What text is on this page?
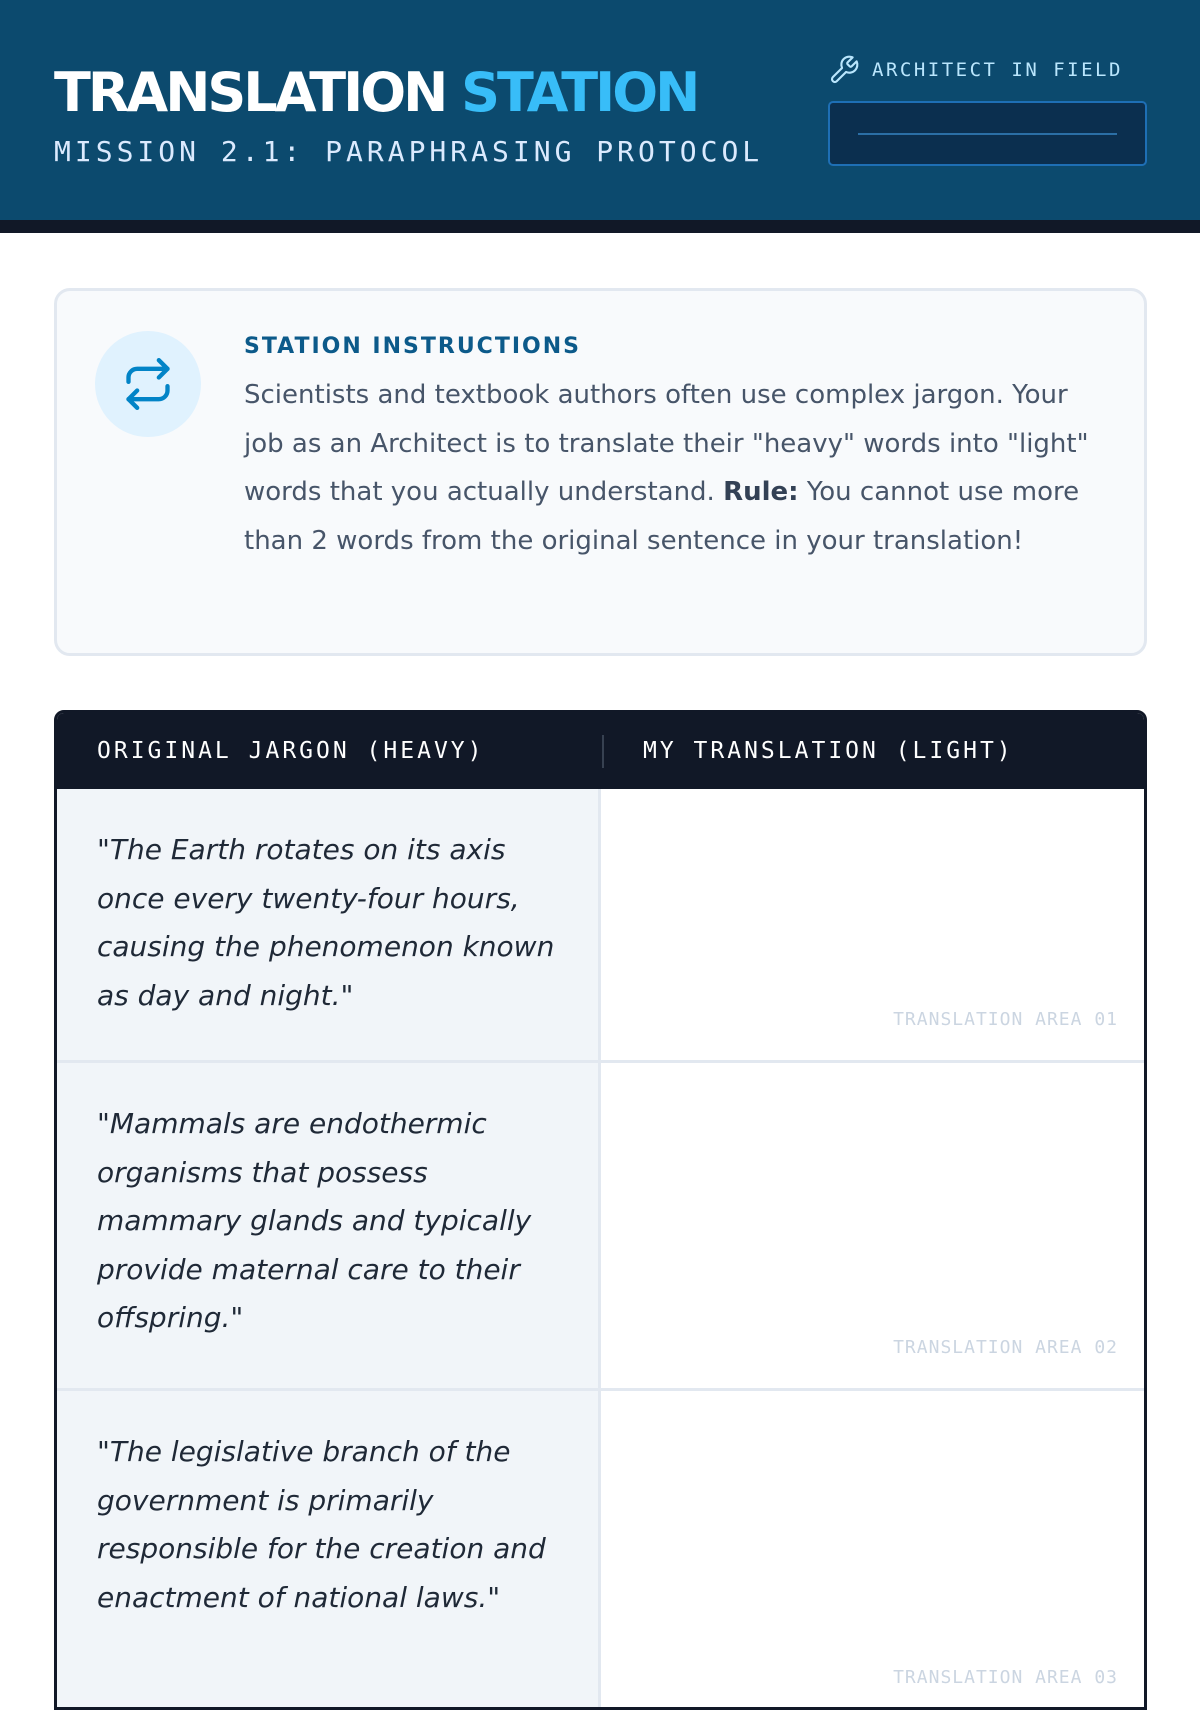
TRANSLATION STATION
MISSION 2.1: PARAPHRASING PROTOCOL
ARCHITECT IN FIELD
STATION INSTRUCTIONS
Scientists and textbook authors often use complex jargon. Your job as an Architect is to translate their "heavy" words into "light" words that you actually understand. Rule: You cannot use more than 2 words from the original sentence in your translation!
ORIGINAL JARGON (HEAVY)	MY TRANSLATION (LIGHT)
"The Earth rotates on its axis once every twenty-four hours, causing the phenomenon known as day and night."
TRANSLATION AREA 01
"Mammals are endothermic organisms that possess mammary glands and typically provide maternal care to their offspring."
TRANSLATION AREA 02
"The legislative branch of the government is primarily responsible for the creation and enactment of national laws."
TRANSLATION AREA 03
